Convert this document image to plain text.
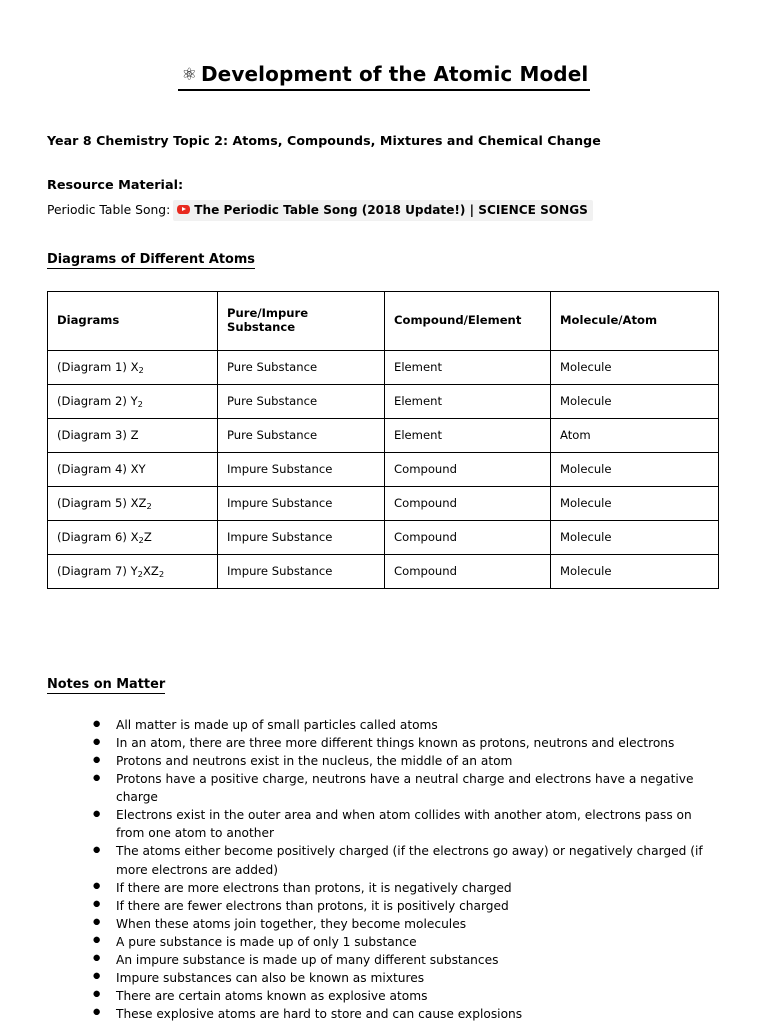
⚛ Development of the Atomic Model
Year 8 Chemistry Topic 2: Atoms, Compounds, Mixtures and Chemical Change
Resource Material:
Periodic Table Song: The Periodic Table Song (2018 Update!) | SCIENCE SONGS
Diagrams of Different Atoms
Diagrams	Pure/Impure Substance	Compound/Element	Molecule/Atom
(Diagram 1) $X_2$	Pure Substance	Element	Molecule
(Diagram 2) $Y_2$	Pure Substance	Element	Molecule
(Diagram 3) Z	Pure Substance	Element	Atom
(Diagram 4) XY	Impure Substance	Compound	Molecule
(Diagram 5) $XZ_2$	Impure Substance	Compound	Molecule
(Diagram 6) $X_2Z$	Impure Substance	Compound	Molecule
(Diagram 7) $Y_2XZ_2$	Impure Substance	Compound	Molecule
Notes on Matter
● All matter is made up of small particles called atoms
● In an atom, there are three more different things known as protons, neutrons and electrons
● Protons and neutrons exist in the nucleus, the middle of an atom
● Protons have a positive charge, neutrons have a neutral charge and electrons have a negative charge
● Electrons exist in the outer area and when atom collides with another atom, electrons pass on from one atom to another
● The atoms either become positively charged (if the electrons go away) or negatively charged (if more electrons are added)
● If there are more electrons than protons, it is negatively charged
● If there are fewer electrons than protons, it is positively charged
● When these atoms join together, they become molecules
● A pure substance is made up of only 1 substance
● An impure substance is made up of many different substances
● Impure substances can also be known as mixtures
● There are certain atoms known as explosive atoms
● These explosive atoms are hard to store and can cause explosions
